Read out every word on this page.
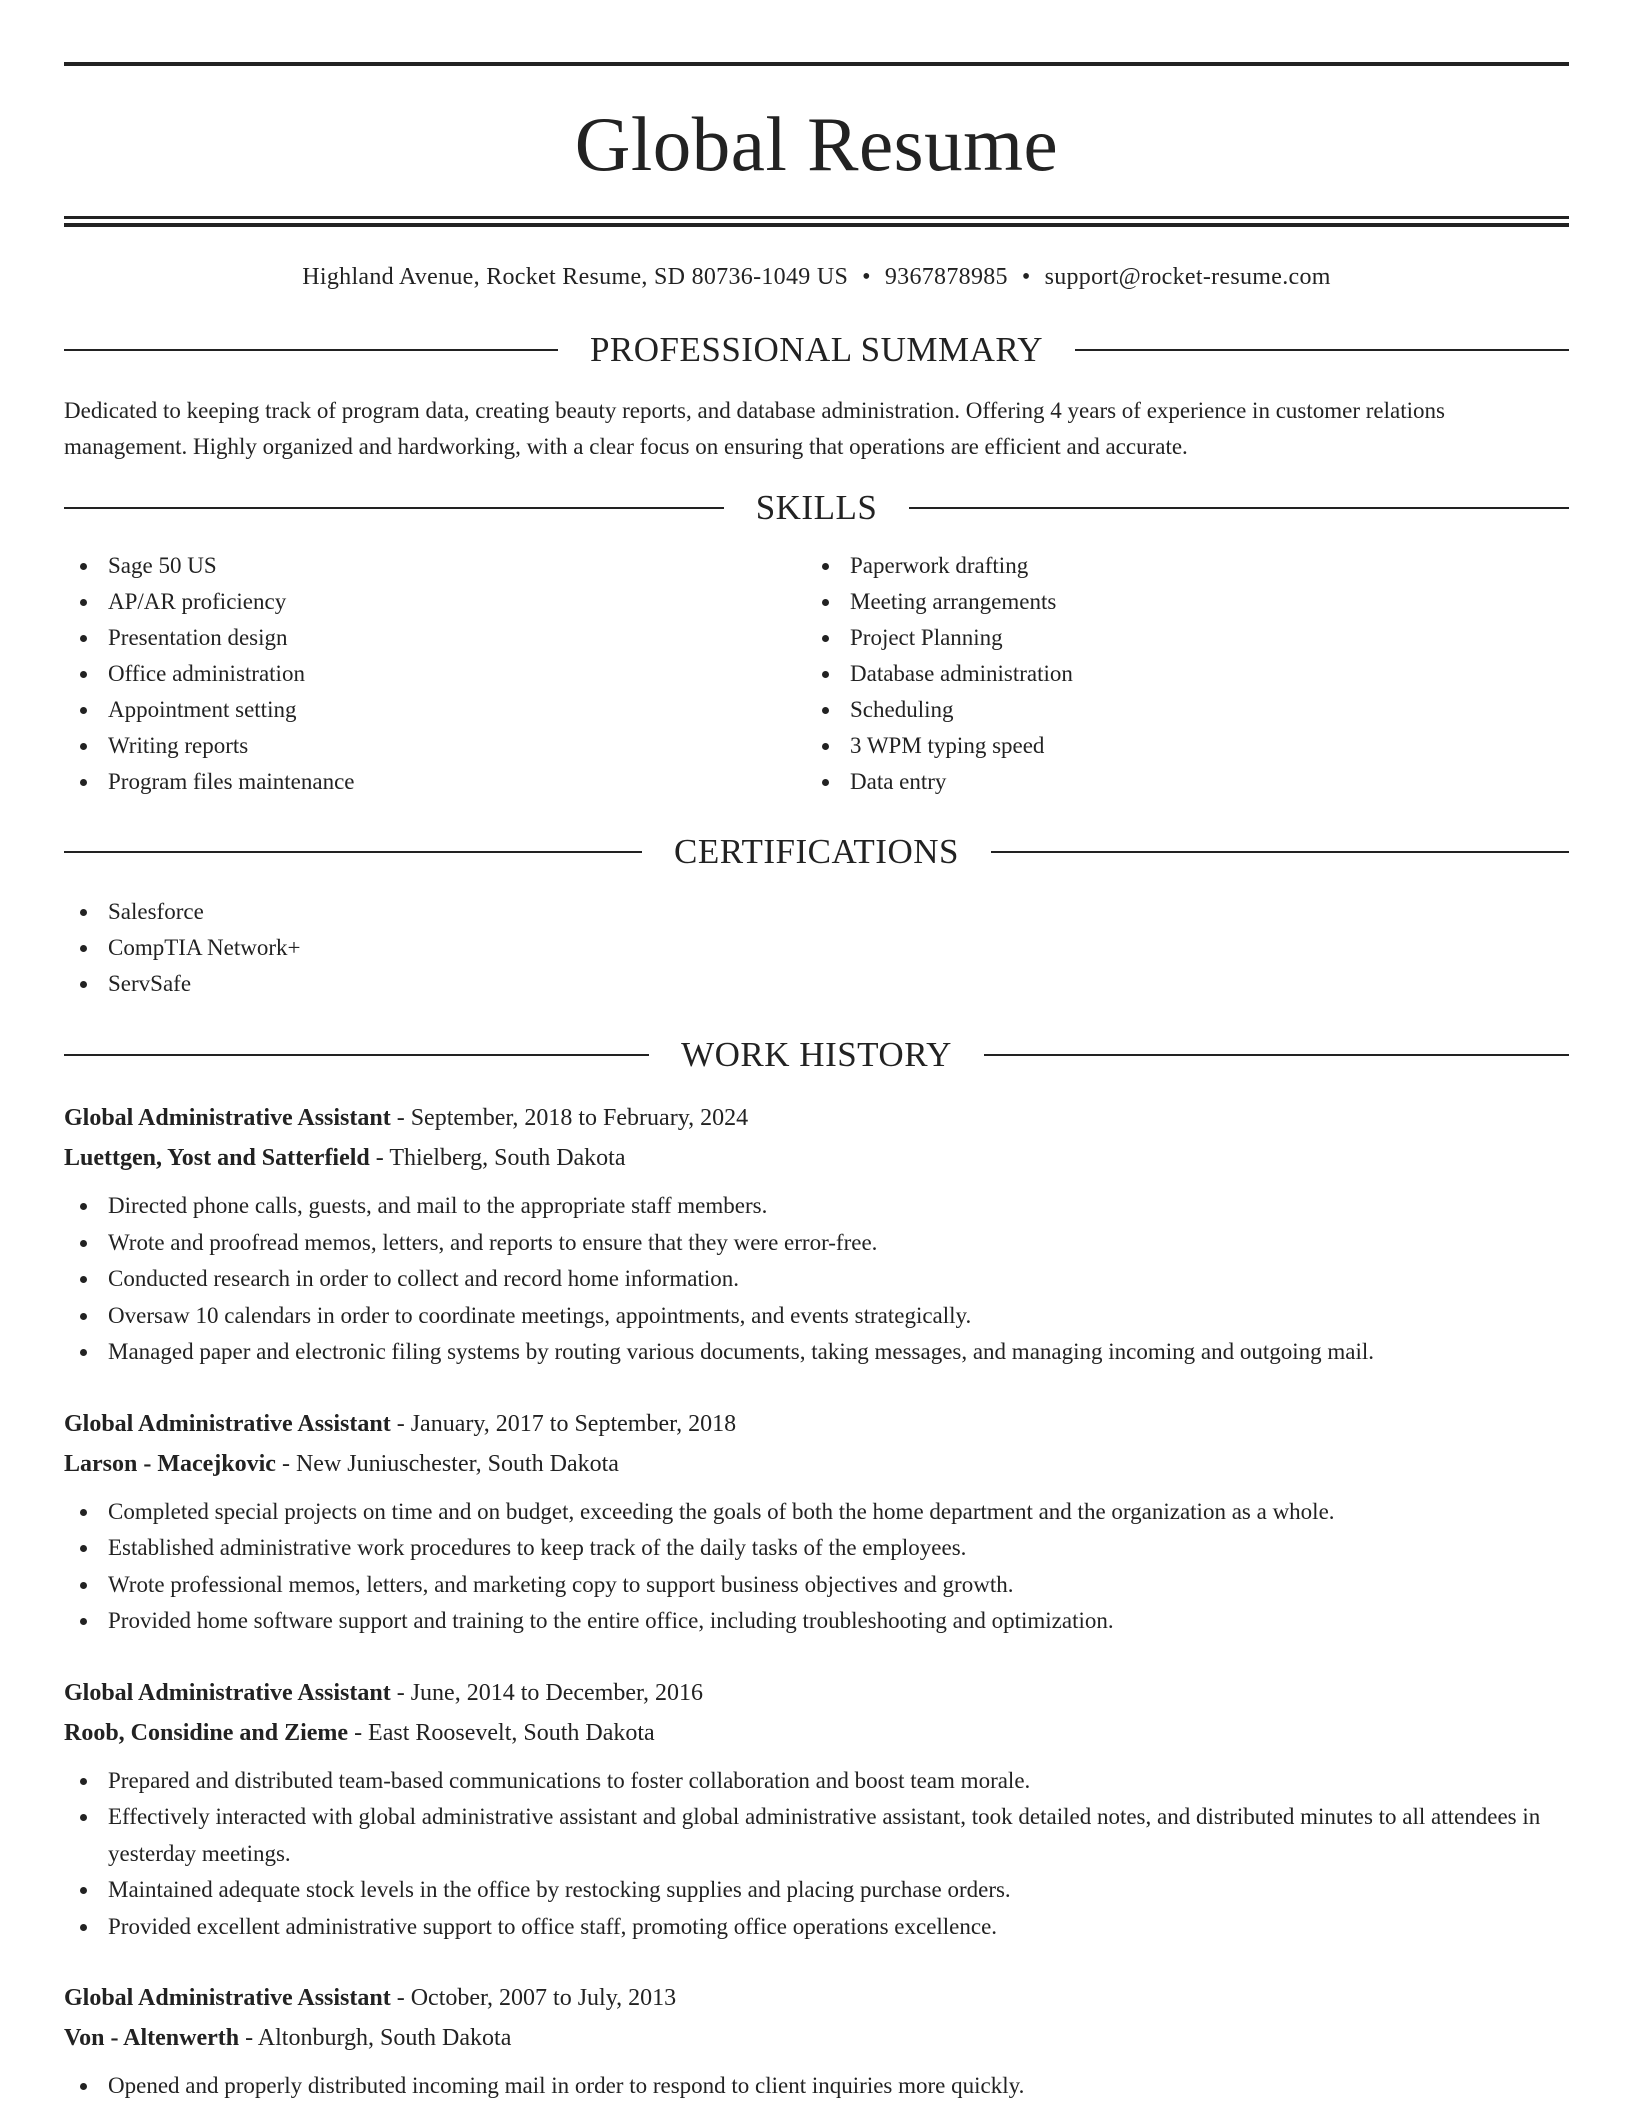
Global Resume
Highland Avenue, Rocket Resume, SD 80736-1049 US • 9367878985 • support@rocket-resume.com
PROFESSIONAL SUMMARY

Dedicated to keeping track of program data, creating beauty reports, and database administration. Offering 4 years of experience in customer relations management. Highly organized and hardworking, with a clear focus on ensuring that operations are efficient and accurate.

SKILLS
Sage 50 US
AP/AR proficiency
Presentation design
Office administration
Appointment setting
Writing reports
Program files maintenance
Paperwork drafting
Meeting arrangements
Project Planning
Database administration
Scheduling
3 WPM typing speed
Data entry
CERTIFICATIONS
Salesforce
CompTIA Network+
ServSafe
WORK HISTORY
Global Administrative Assistant - September, 2018 to February, 2024
Luettgen, Yost and Satterfield - Thielberg, South Dakota
Directed phone calls, guests, and mail to the appropriate staff members.
Wrote and proofread memos, letters, and reports to ensure that they were error-free.
Conducted research in order to collect and record home information.
Oversaw 10 calendars in order to coordinate meetings, appointments, and events strategically.
Managed paper and electronic filing systems by routing various documents, taking messages, and managing incoming and outgoing mail.
Global Administrative Assistant - January, 2017 to September, 2018
Larson - Macejkovic - New Juniuschester, South Dakota
Completed special projects on time and on budget, exceeding the goals of both the home department and the organization as a whole.
Established administrative work procedures to keep track of the daily tasks of the employees.
Wrote professional memos, letters, and marketing copy to support business objectives and growth.
Provided home software support and training to the entire office, including troubleshooting and optimization.
Global Administrative Assistant - June, 2014 to December, 2016
Roob, Considine and Zieme - East Roosevelt, South Dakota
Prepared and distributed team-based communications to foster collaboration and boost team morale.
Effectively interacted with global administrative assistant and global administrative assistant, took detailed notes, and distributed minutes to all attendees in yesterday meetings.
Maintained adequate stock levels in the office by restocking supplies and placing purchase orders.
Provided excellent administrative support to office staff, promoting office operations excellence.
Global Administrative Assistant - October, 2007 to July, 2013
Von - Altenwerth - Altonburgh, South Dakota
Opened and properly distributed incoming mail in order to respond to client inquiries more quickly.
